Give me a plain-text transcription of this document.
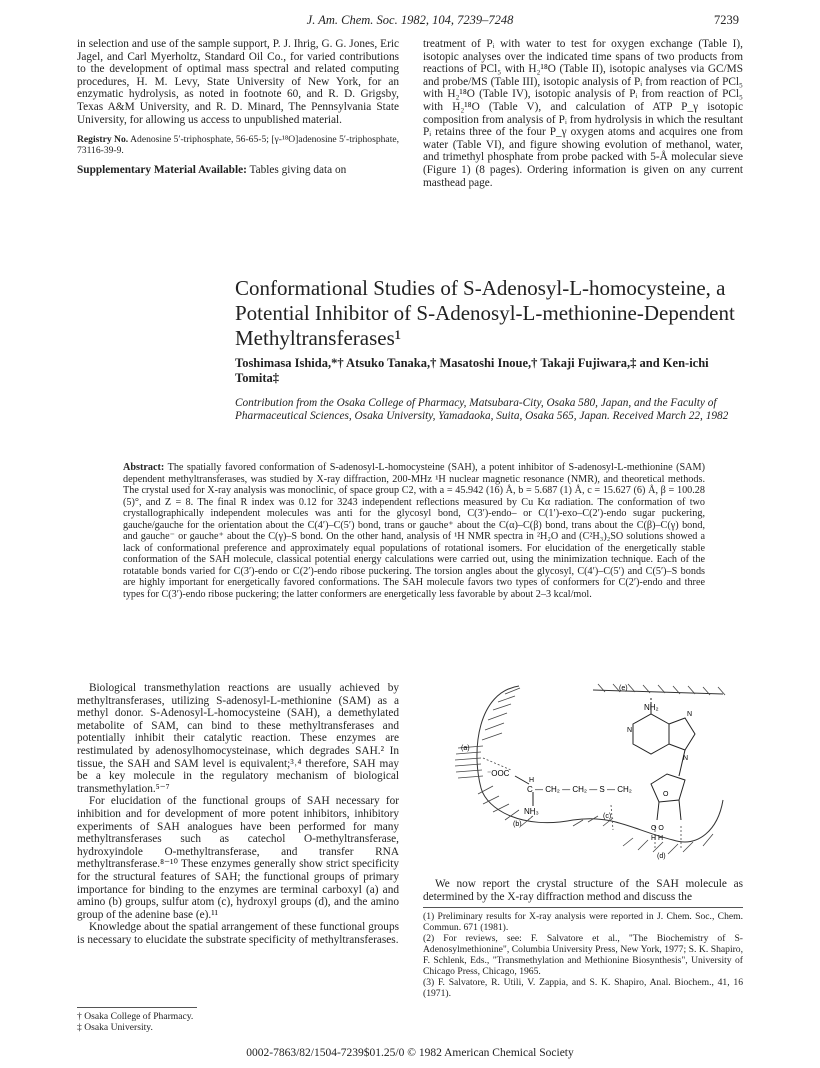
J. Am. Chem. Soc. 1982, 104, 7239–7248	7239

in selection and use of the sample support, P. J. Ihrig, G. G. Jones, Eric Jagel, and Carl Myerholtz, Standard Oil Co., for varied contributions to the development of optimal mass spectral and related computing procedures, H. M. Levy, State University of New York, for an enzymatic hydrolysis, as noted in footnote 60, and R. D. Grigsby, Texas A&M University, and R. D. Minard, The Pennsylvania State University, for allowing us access to unpublished material.

Registry No. Adenosine 5′-triphosphate, 56-65-5; [γ-¹⁸O]adenosine 5′-triphosphate, 73116-39-9.

Supplementary Material Available: Tables giving data on

treatment of Pᵢ with water to test for oxygen exchange (Table I), isotopic analyses over the indicated time spans of two products from reactions of PCl₅ with H₂¹⁸O (Table II), isotopic analyses via GC/MS and probe/MS (Table III), isotopic analysis of Pᵢ from reaction of PCl₅ with H₂¹⁸O (Table IV), isotopic analysis of Pᵢ from reaction of PCl₅ with H₂¹⁸O (Table V), and calculation of ATP P_γ isotopic composition from analysis of Pᵢ from hydrolysis in which the resultant Pᵢ retains three of the four P_γ oxygen atoms and acquires one from water (Table VI), and figure showing evolution of methanol, water, and trimethyl phosphate from probe packed with 5-Å molecular sieve (Figure 1) (8 pages). Ordering information is given on any current masthead page.

Conformational Studies of S-Adenosyl-L-homocysteine, a Potential Inhibitor of S-Adenosyl-L-methionine-Dependent Methyltransferases¹
Toshimasa Ishida,*† Atsuko Tanaka,† Masatoshi Inoue,† Takaji Fujiwara,‡ and Ken-ichi Tomita‡
Contribution from the Osaka College of Pharmacy, Matsubara-City, Osaka 580, Japan, and the Faculty of Pharmaceutical Sciences, Osaka University, Yamadaoka, Suita, Osaka 565, Japan. Received March 22, 1982
Abstract: The spatially favored conformation of S-adenosyl-L-homocysteine (SAH), a potent inhibitor of S-adenosyl-L-methionine (SAM) dependent methyltransferases, was studied by X-ray diffraction, 200-MHz ¹H nuclear magnetic resonance (NMR), and theoretical methods. The crystal used for X-ray analysis was monoclinic, of space group C2, with a = 45.942 (16) Å, b = 5.687 (1) Å, c = 15.627 (6) Å, β = 100.28 (5)°, and Z = 8. The final R index was 0.12 for 3243 independent reflections measured by Cu Kα radiation. The conformation of two crystallographically independent molecules was anti for the glycosyl bond, C(3′)-endo– or C(1′)-exo–C(2′)-endo sugar puckering, gauche/gauche for the orientation about the C(4′)–C(5′) bond, trans or gauche⁺ about the C(α)–C(β) bond, trans about the C(β)–C(γ) bond, and gauche⁻ or gauche⁺ about the C(γ)–S bond. On the other hand, analysis of ¹H NMR spectra in ²H₂O and (C²H₃)₂SO solutions showed a lack of conformational preference and approximately equal populations of rotational isomers. For elucidation of the energetically stable conformation of the SAH molecule, classical potential energy calculations were carried out, using the minimization technique. Each of the rotatable bonds varied for C(3′)-endo or C(2′)-endo ribose puckering. The torsion angles about the glycosyl, C(4′)–C(5′) and C(5′)–S bonds are highly important for energetically favored conformations. The SAH molecule favors two types of conformers for C(2′)-endo and three types for C(3′)-endo ribose puckering; the latter conformers are energetically less favorable by about 2–3 kcal/mol.

Biological transmethylation reactions are usually achieved by methyltransferases, utilizing S-adenosyl-L-methionine (SAM) as a methyl donor. S-Adenosyl-L-homocysteine (SAH), a demethylated metabolite of SAM, can bind to these methyltransferases and potentially inhibit their catalytic reaction. These enzymes are restimulated by adenosylhomocysteinase, which degrades SAH.² In tissue, the SAH and SAM level is equivalent;³˒⁴ therefore, SAH may be a key molecule in the regulatory mechanism of biological transmethylation.⁵⁻⁷

For elucidation of the functional groups of SAH necessary for inhibition and for development of more potent inhibitors, inhibitory experiments of SAH analogues have been performed for many methyltransferases such as catechol O-methyltransferase, hydroxyindole O-methyltransferase, and transfer RNA methyltransferase.⁸⁻¹⁰ These enzymes generally show strict specificity for the structural features of SAH; the functional groups of primary importance for binding to the enzymes are terminal carboxyl (a) and amino (b) groups, sulfur atom (c), hydroxyl groups (d), and the amino group of the adenine base (e).¹¹

Knowledge about the spatial arrangement of these functional groups is necessary to elucidate the substrate specificity of methyltransferases.

† Osaka College of Pharmacy.
‡ Osaka University.
(e)
(a)
(b)
(c)
(d)
NH₂
N
N
N
⁻OOC
H
C — CH₂ — CH₂ — S — CH₂
NH₃
O
O O
H H

We now report the crystal structure of the SAH molecule as determined by the X-ray diffraction method and discuss the

(1) Preliminary results for X-ray analysis were reported in J. Chem. Soc., Chem. Commun. 671 (1981).
(2) For reviews, see: F. Salvatore et al., "The Biochemistry of S-Adenosylmethionine", Columbia University Press, New York, 1977; S. K. Shapiro, F. Schlenk, Eds., "Transmethylation and Methionine Biosynthesis", University of Chicago Press, Chicago, 1965.
(3) F. Salvatore, R. Utili, V. Zappia, and S. K. Shapiro, Anal. Biochem., 41, 16 (1971).
0002-7863/82/1504-7239$01.25/0 © 1982 American Chemical Society
